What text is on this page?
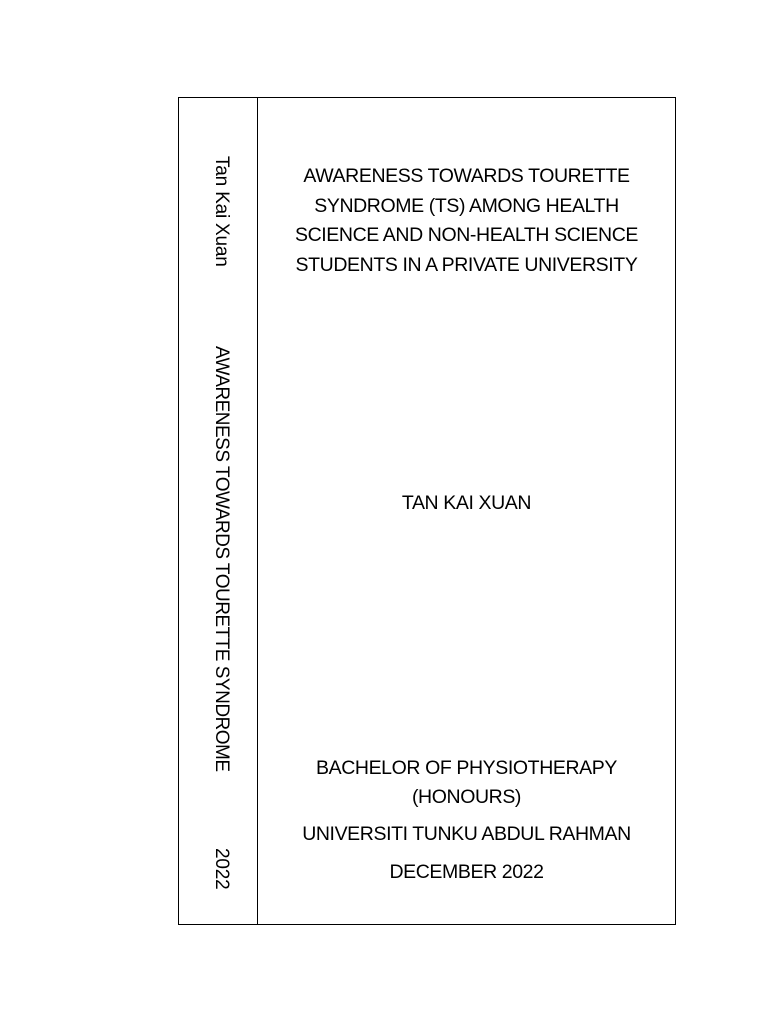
Tan Kai Xuan
AWARENESS TOWARDS TOURETTE SYNDROME
2022
AWARENESS TOWARDS TOURETTE
SYNDROME (TS) AMONG HEALTH
SCIENCE AND NON-HEALTH SCIENCE
STUDENTS IN A PRIVATE UNIVERSITY
TAN KAI XUAN
BACHELOR OF PHYSIOTHERAPY
(HONOURS)
UNIVERSITI TUNKU ABDUL RAHMAN
DECEMBER 2022
